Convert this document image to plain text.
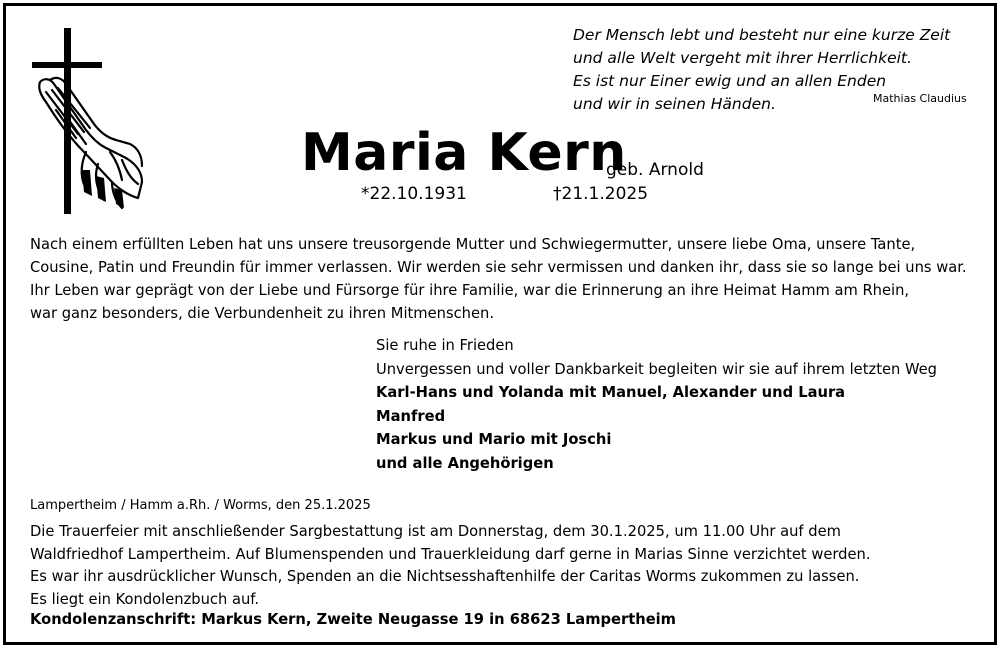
Der Mensch lebt und besteht nur eine kurze Zeit
und alle Welt vergeht mit ihrer Herrlichkeit.
Es ist nur Einer ewig und an allen Enden
und wir in seinen Händen.	Mathias Claudius
Maria Kern
geb. Arnold
*22.10.1931	†21.1.2025
Nach einem erfüllten Leben hat uns unsere treusorgende Mutter und Schwiegermutter, unsere liebe Oma, unsere Tante,
Cousine, Patin und Freundin für immer verlassen. Wir werden sie sehr vermissen und danken ihr, dass sie so lange bei uns war.
Ihr Leben war geprägt von der Liebe und Fürsorge für ihre Familie, war die Erinnerung an ihre Heimat Hamm am Rhein,
war ganz besonders, die Verbundenheit zu ihren Mitmenschen.
Sie ruhe in Frieden
Unvergessen und voller Dankbarkeit begleiten wir sie auf ihrem letzten Weg
Karl-Hans und Yolanda mit Manuel, Alexander und Laura
Manfred
Markus und Mario mit Joschi
und alle Angehörigen
Lampertheim / Hamm a.Rh. / Worms, den 25.1.2025
Die Trauerfeier mit anschließender Sargbestattung ist am Donnerstag, dem 30.1.2025, um 11.00 Uhr auf dem
Waldfriedhof Lampertheim. Auf Blumenspenden und Trauerkleidung darf gerne in Marias Sinne verzichtet werden.
Es war ihr ausdrücklicher Wunsch, Spenden an die Nichtsesshaftenhilfe der Caritas Worms zukommen zu lassen.
Es liegt ein Kondolenzbuch auf.
Kondolenzanschrift: Markus Kern, Zweite Neugasse 19 in 68623 Lampertheim
